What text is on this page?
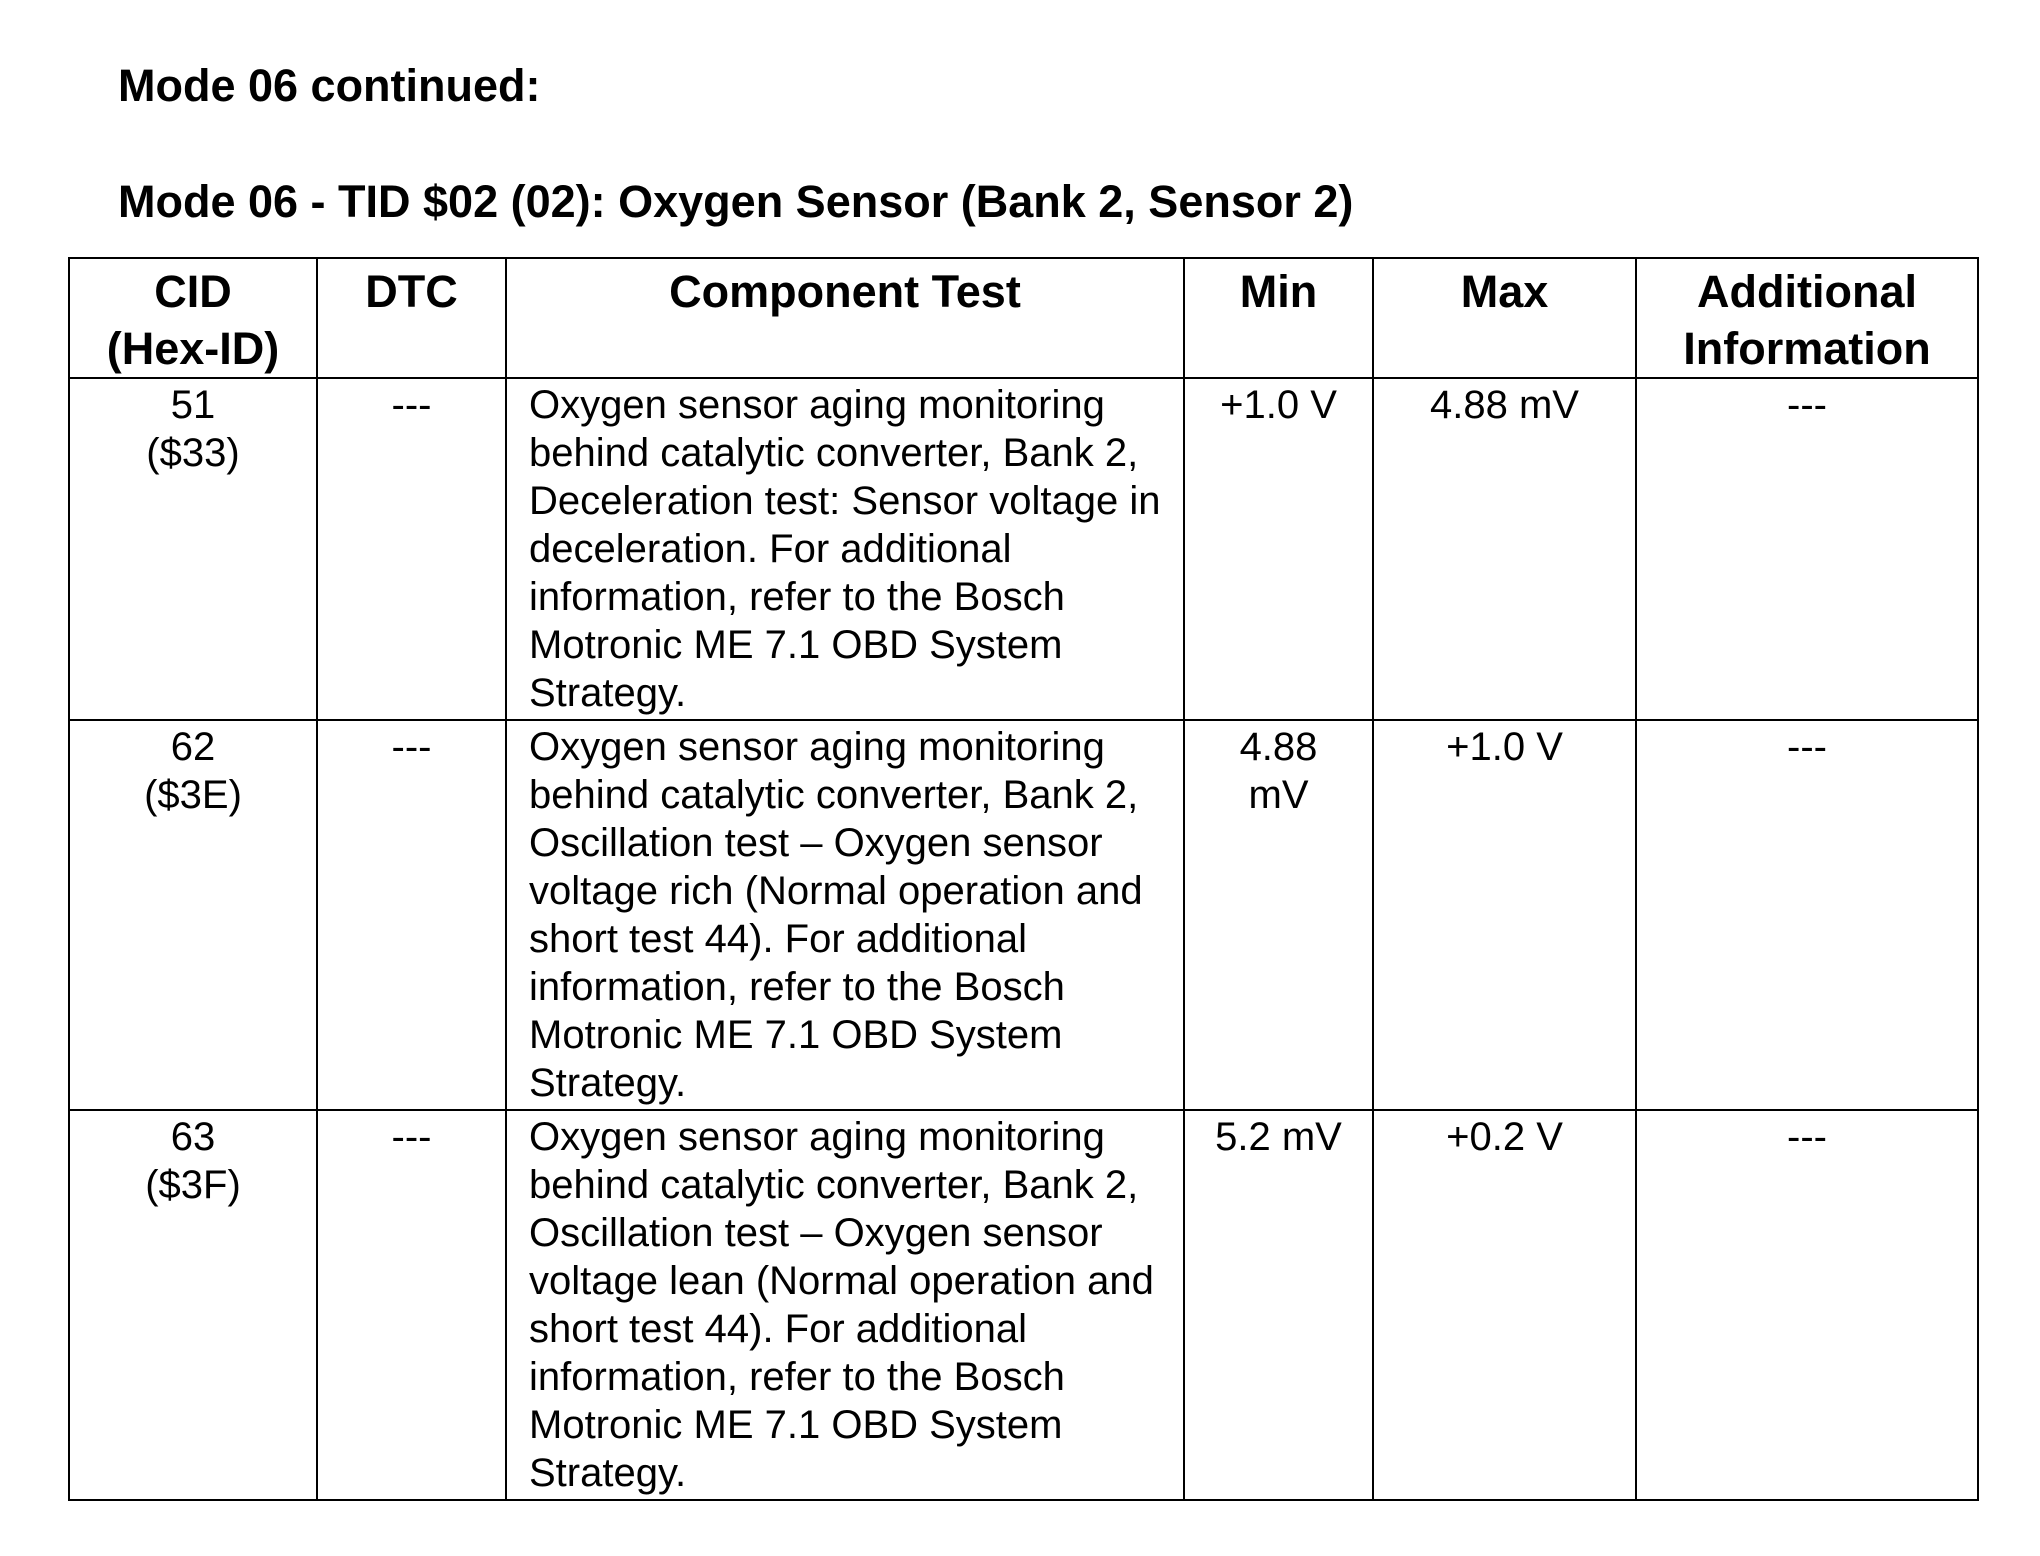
Mode 06 continued:
Mode 06 - TID $02 (02): Oxygen Sensor (Bank 2, Sensor 2)
CID
(Hex-ID)	DTC	Component Test	Min	Max	Additional
Information

51
($33)	---	Oxygen sensor aging monitoring behind catalytic converter, Bank 2, Deceleration test: Sensor voltage in deceleration. For additional information, refer to the Bosch Motronic ME 7.1 OBD System Strategy.	+1.0 V	4.88 mV	---

62
($3E)	---	Oxygen sensor aging monitoring behind catalytic converter, Bank 2, Oscillation test – Oxygen sensor voltage rich (Normal operation and short test 44). For additional information, refer to the Bosch Motronic ME 7.1 OBD System Strategy.	4.88 mV	+1.0 V	---

63
($3F)	---	Oxygen sensor aging monitoring behind catalytic converter, Bank 2, Oscillation test – Oxygen sensor voltage lean (Normal operation and short test 44). For additional information, refer to the Bosch Motronic ME 7.1 OBD System Strategy.	5.2 mV	+0.2 V	---
